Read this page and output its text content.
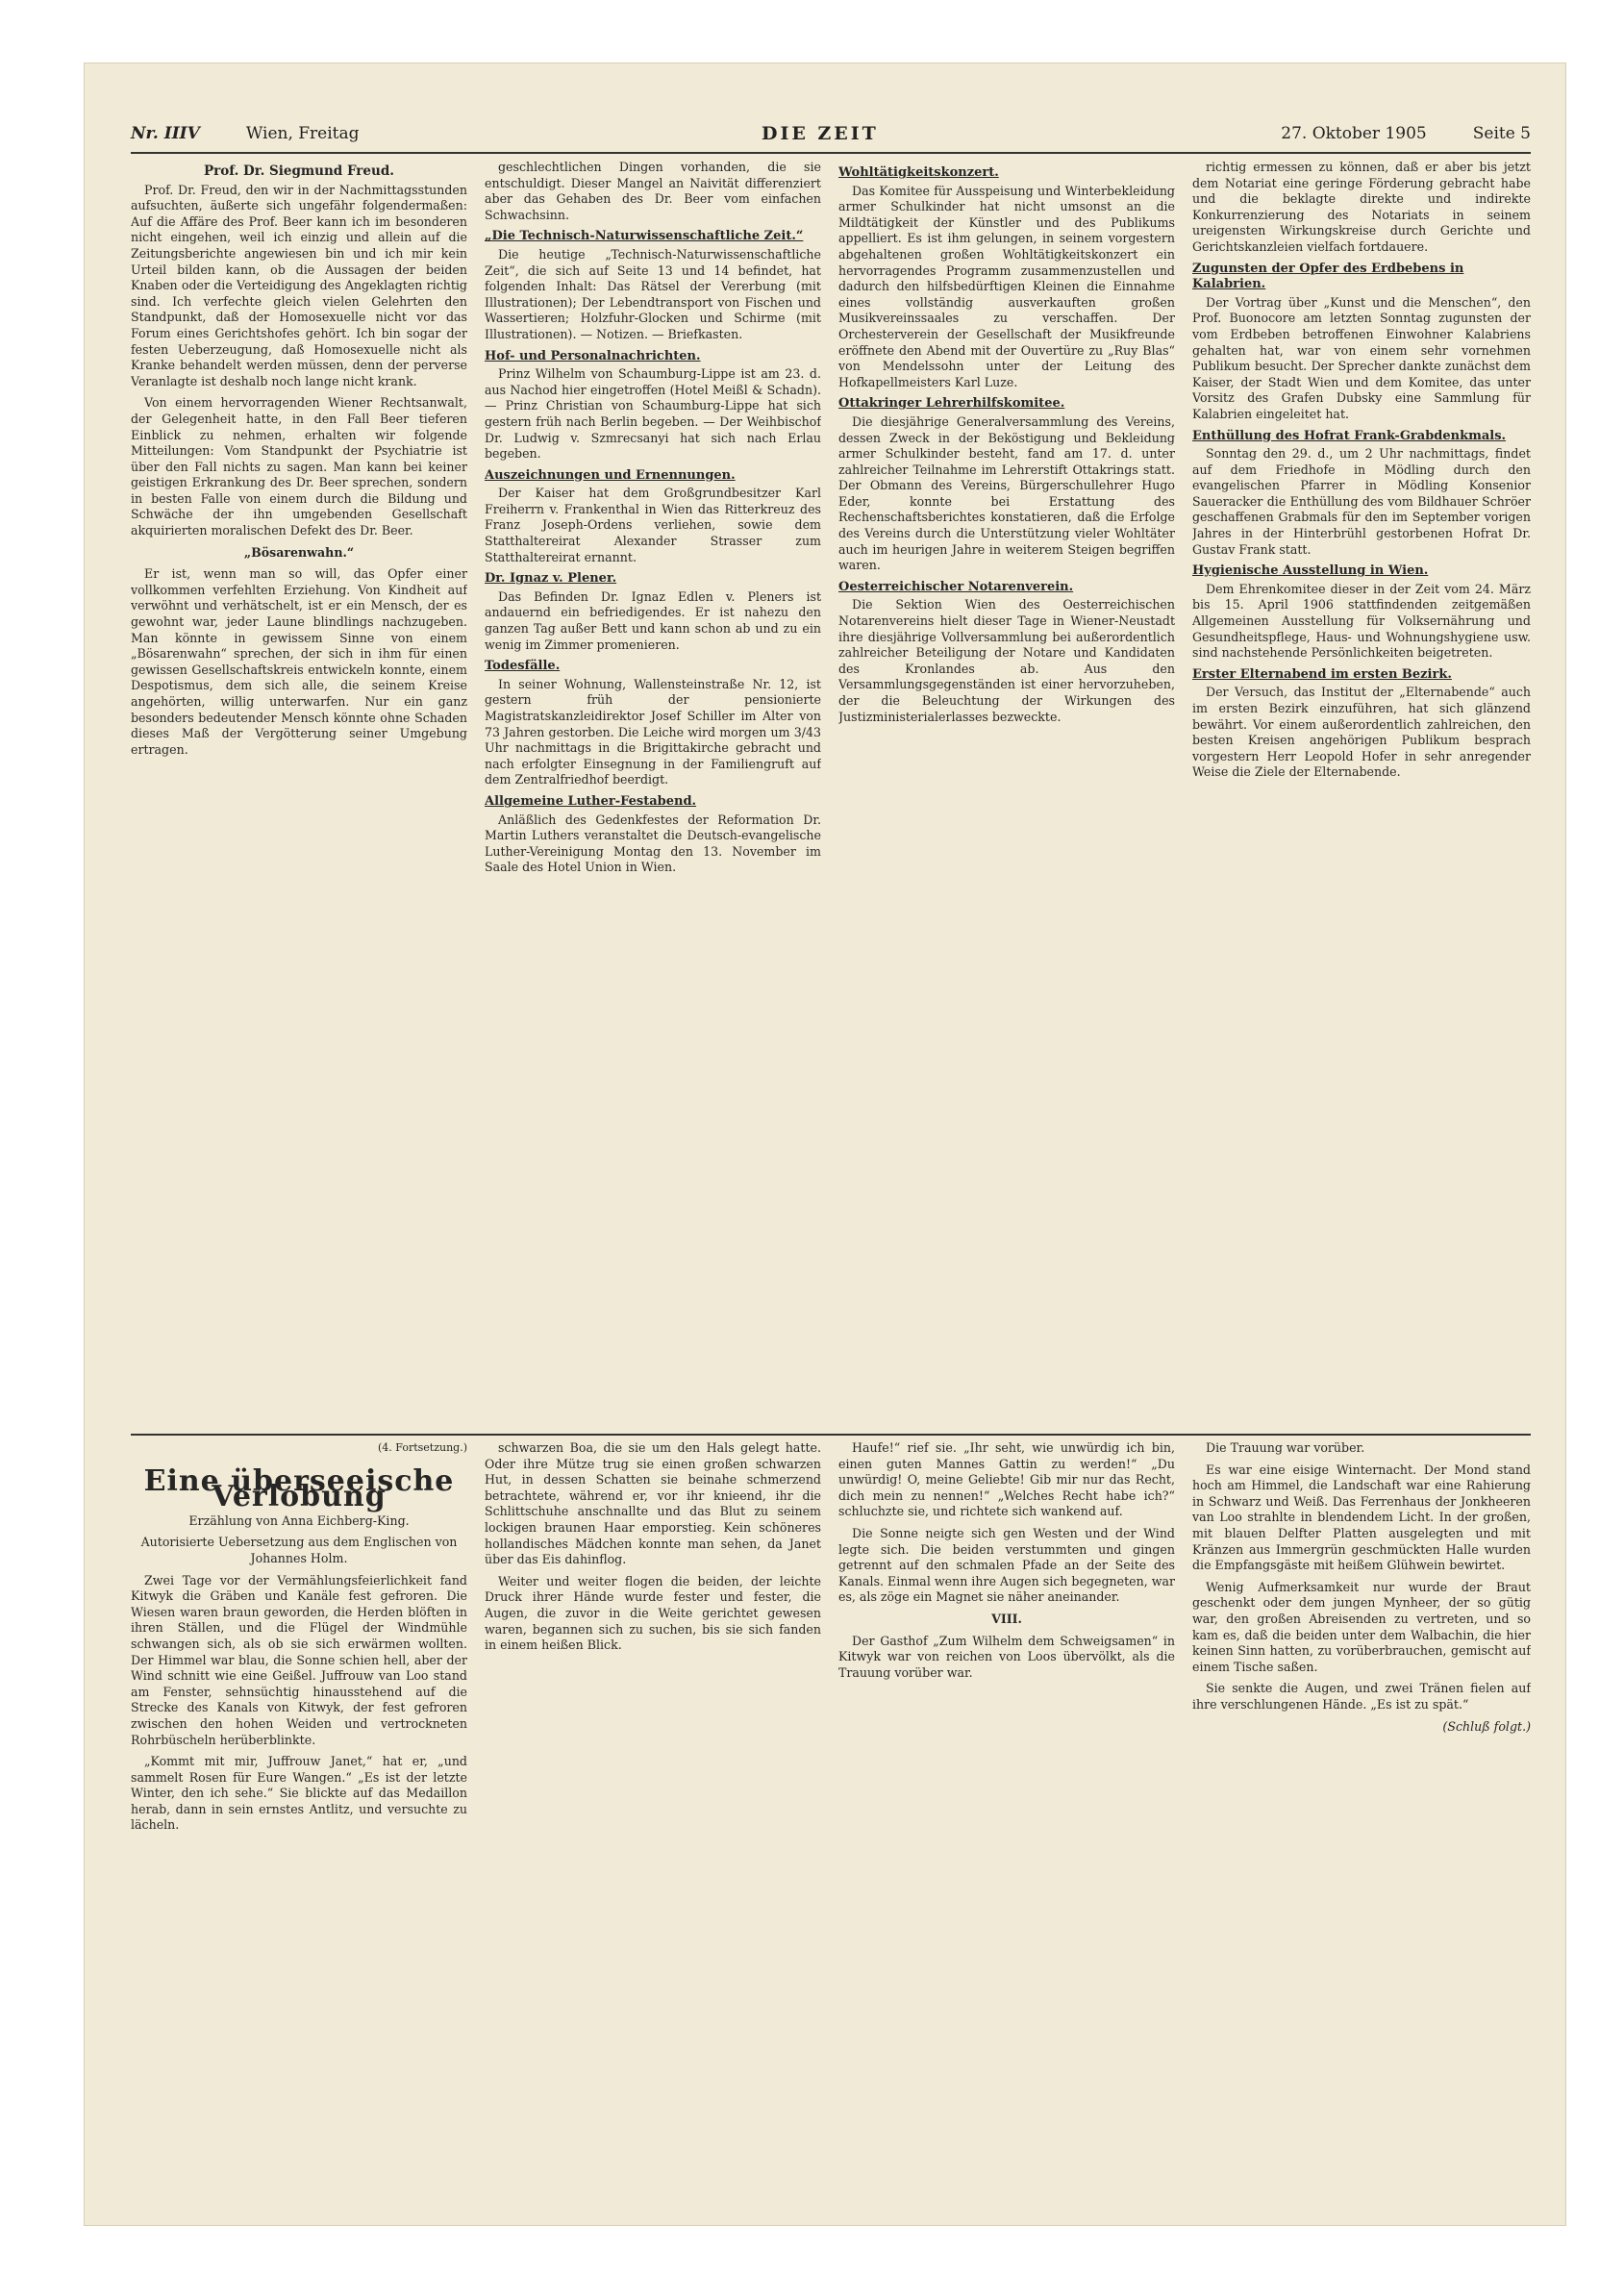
Nr. IIIV	Wien, Freitag	DIE ZEIT	27. Oktober 1905	Seite 5
Prof. Dr. Siegmund Freud.

Prof. Dr. Freud, den wir in der Nachmittagsstunden aufsuchten, äußerte sich ungefähr folgendermaßen: Auf die Affäre des Prof. Beer kann ich im besonderen nicht eingehen, weil ich einzig und allein auf die Zeitungsberichte angewiesen bin und ich mir kein Urteil bilden kann, ob die Aussagen der beiden Knaben oder die Verteidigung des Angeklagten richtig sind. Ich verfechte gleich vielen Gelehrten den Standpunkt, daß der Homosexuelle nicht vor das Forum eines Gerichtshofes gehört. Ich bin sogar der festen Ueberzeugung, daß Homosexuelle nicht als Kranke behandelt werden müssen, denn der perverse Veranlagte ist deshalb noch lange nicht krank.

Von einem hervorragenden Wiener Rechtsanwalt, der Gelegenheit hatte, in den Fall Beer tieferen Einblick zu nehmen, erhalten wir folgende Mitteilungen: Vom Standpunkt der Psychiatrie ist über den Fall nichts zu sagen. Man kann bei keiner geistigen Erkrankung des Dr. Beer sprechen, sondern in besten Falle von einem durch die Bildung und Schwäche der ihn umgebenden Gesellschaft akquirierten moralischen Defekt des Dr. Beer.

„Bösarenwahn.“

Er ist, wenn man so will, das Opfer einer vollkommen verfehlten Erziehung. Von Kindheit auf verwöhnt und verhätschelt, ist er ein Mensch, der es gewohnt war, jeder Laune blindlings nachzugeben. Man könnte in gewissem Sinne von einem „Bösarenwahn“ sprechen, der sich in ihm für einen gewissen Gesellschaftskreis entwickeln konnte, einem Despotismus, dem sich alle, die seinem Kreise angehörten, willig unterwarfen. Nur ein ganz besonders bedeutender Mensch könnte ohne Schaden dieses Maß der Vergötterung seiner Umgebung ertragen.

geschlechtlichen Dingen vorhanden, die sie entschuldigt. Dieser Mangel an Naivität differenziert aber das Gehaben des Dr. Beer vom einfachen Schwachsinn.

„Die Technisch-Naturwissenschaftliche Zeit.“

Die heutige „Technisch-Naturwissenschaftliche Zeit“, die sich auf Seite 13 und 14 befindet, hat folgenden Inhalt: Das Rätsel der Vererbung (mit Illustrationen); Der Lebendtransport von Fischen und Wassertieren; Holzfuhr-Glocken und Schirme (mit Illustrationen). — Notizen. — Briefkasten.

Hof- und Personalnachrichten.

Prinz Wilhelm von Schaumburg-Lippe ist am 23. d. aus Nachod hier eingetroffen (Hotel Meißl & Schadn). — Prinz Christian von Schaumburg-Lippe hat sich gestern früh nach Berlin begeben. — Der Weihbischof Dr. Ludwig v. Szmrecsanyi hat sich nach Erlau begeben.

Auszeichnungen und Ernennungen.

Der Kaiser hat dem Großgrundbesitzer Karl Freiherrn v. Frankenthal in Wien das Ritterkreuz des Franz Joseph-Ordens verliehen, sowie dem Statthaltereirat Alexander Strasser zum Statthaltereirat ernannt.

Dr. Ignaz v. Plener.

Das Befinden Dr. Ignaz Edlen v. Pleners ist andauernd ein befriedigendes. Er ist nahezu den ganzen Tag außer Bett und kann schon ab und zu ein wenig im Zimmer promenieren.

Todesfälle.

In seiner Wohnung, Wallensteinstraße Nr. 12, ist gestern früh der pensionierte Magistratskanzleidirektor Josef Schiller im Alter von 73 Jahren gestorben. Die Leiche wird morgen um 3/43 Uhr nachmittags in die Brigittakirche gebracht und nach erfolgter Einsegnung in der Familiengruft auf dem Zentralfriedhof beerdigt.

Allgemeine Luther-Festabend.

Anläßlich des Gedenkfestes der Reformation Dr. Martin Luthers veranstaltet die Deutsch-evangelische Luther-Vereinigung Montag den 13. November im Saale des Hotel Union in Wien.

Wohltätigkeitskonzert.

Das Komitee für Ausspeisung und Winterbekleidung armer Schulkinder hat nicht umsonst an die Mildtätigkeit der Künstler und des Publikums appelliert. Es ist ihm gelungen, in seinem vorgestern abgehaltenen großen Wohltätigkeitskonzert ein hervorragendes Programm zusammenzustellen und dadurch den hilfsbedürftigen Kleinen die Einnahme eines vollständig ausverkauften großen Musikvereinssaales zu verschaffen. Der Orchesterverein der Gesellschaft der Musikfreunde eröffnete den Abend mit der Ouvertüre zu „Ruy Blas“ von Mendelssohn unter der Leitung des Hofkapellmeisters Karl Luze.

Ottakringer Lehrerhilfskomitee.

Die diesjährige Generalversammlung des Vereins, dessen Zweck in der Beköstigung und Bekleidung armer Schulkinder besteht, fand am 17. d. unter zahlreicher Teilnahme im Lehrerstift Ottakrings statt. Der Obmann des Vereins, Bürgerschullehrer Hugo Eder, konnte bei Erstattung des Rechenschaftsberichtes konstatieren, daß die Erfolge des Vereins durch die Unterstützung vieler Wohltäter auch im heurigen Jahre in weiterem Steigen begriffen waren.

Oesterreichischer Notarenverein.

Die Sektion Wien des Oesterreichischen Notarenvereins hielt dieser Tage in Wiener-Neustadt ihre diesjährige Vollversammlung bei außerordentlich zahlreicher Beteiligung der Notare und Kandidaten des Kronlandes ab. Aus den Versammlungsgegenständen ist einer hervorzuheben, der die Beleuchtung der Wirkungen des Justizministerialerlasses bezweckte.

richtig ermessen zu können, daß er aber bis jetzt dem Notariat eine geringe Förderung gebracht habe und die beklagte direkte und indirekte Konkurrenzierung des Notariats in seinem ureigensten Wirkungskreise durch Gerichte und Gerichtskanzleien vielfach fortdauere.

Zugunsten der Opfer des Erdbebens in Kalabrien.

Der Vortrag über „Kunst und die Menschen“, den Prof. Buonocore am letzten Sonntag zugunsten der vom Erdbeben betroffenen Einwohner Kalabriens gehalten hat, war von einem sehr vornehmen Publikum besucht. Der Sprecher dankte zunächst dem Kaiser, der Stadt Wien und dem Komitee, das unter Vorsitz des Grafen Dubsky eine Sammlung für Kalabrien eingeleitet hat.

Enthüllung des Hofrat Frank-Grabdenkmals.

Sonntag den 29. d., um 2 Uhr nachmittags, findet auf dem Friedhofe in Mödling durch den evangelischen Pfarrer in Mödling Konsenior Saueracker die Enthüllung des vom Bildhauer Schröer geschaffenen Grabmals für den im September vorigen Jahres in der Hinterbrühl gestorbenen Hofrat Dr. Gustav Frank statt.

Hygienische Ausstellung in Wien.

Dem Ehrenkomitee dieser in der Zeit vom 24. März bis 15. April 1906 stattfindenden zeitgemäßen Allgemeinen Ausstellung für Volksernährung und Gesundheitspflege, Haus- und Wohnungshygiene usw. sind nachstehende Persönlichkeiten beigetreten.

Erster Elternabend im ersten Bezirk.

Der Versuch, das Institut der „Elternabende“ auch im ersten Bezirk einzuführen, hat sich glänzend bewährt. Vor einem außerordentlich zahlreichen, den besten Kreisen angehörigen Publikum besprach vorgestern Herr Leopold Hofer in sehr anregender Weise die Ziele der Elternabende.

(4. Fortsetzung.)
Eine überseeische Verlobung

Erzählung von Anna Eichberg-King.

Autorisierte Uebersetzung aus dem Englischen von Johannes Holm.

Zwei Tage vor der Vermählungsfeierlichkeit fand Kitwyk die Gräben und Kanäle fest gefroren. Die Wiesen waren braun geworden, die Herden blöften in ihren Ställen, und die Flügel der Windmühle schwangen sich, als ob sie sich erwärmen wollten. Der Himmel war blau, die Sonne schien hell, aber der Wind schnitt wie eine Geißel. Juffrouw van Loo stand am Fenster, sehnsüchtig hinausstehend auf die Strecke des Kanals von Kitwyk, der fest gefroren zwischen den hohen Weiden und vertrockneten Rohrbüscheln herüberblinkte.

„Kommt mit mir, Juffrouw Janet,“ hat er, „und sammelt Rosen für Eure Wangen.“ „Es ist der letzte Winter, den ich sehe.“ Sie blickte auf das Medaillon herab, dann in sein ernstes Antlitz, und versuchte zu lächeln.

schwarzen Boa, die sie um den Hals gelegt hatte. Oder ihre Mütze trug sie einen großen schwarzen Hut, in dessen Schatten sie beinahe schmerzend betrachtete, während er, vor ihr knieend, ihr die Schlittschuhe anschnallte und das Blut zu seinem lockigen braunen Haar emporstieg. Kein schöneres hollandisches Mädchen konnte man sehen, da Janet über das Eis dahinflog.

Weiter und weiter flogen die beiden, der leichte Druck ihrer Hände wurde fester und fester, die Augen, die zuvor in die Weite gerichtet gewesen waren, begannen sich zu suchen, bis sie sich fanden in einem heißen Blick.

Haufe!“ rief sie. „Ihr seht, wie unwürdig ich bin, einen guten Mannes Gattin zu werden!“ „Du unwürdig! O, meine Geliebte! Gib mir nur das Recht, dich mein zu nennen!“ „Welches Recht habe ich?“ schluchzte sie, und richtete sich wankend auf.

Die Sonne neigte sich gen Westen und der Wind legte sich. Die beiden verstummten und gingen getrennt auf den schmalen Pfade an der Seite des Kanals. Einmal wenn ihre Augen sich begegneten, war es, als zöge ein Magnet sie näher aneinander.

VIII.

Der Gasthof „Zum Wilhelm dem Schweigsamen“ in Kitwyk war von reichen von Loos übervölkt, als die Trauung vorüber war.

Die Trauung war vorüber.

Es war eine eisige Winternacht. Der Mond stand hoch am Himmel, die Landschaft war eine Rahierung in Schwarz und Weiß. Das Ferrenhaus der Jonkheeren van Loo strahlte in blendendem Licht. In der großen, mit blauen Delfter Platten ausgelegten und mit Kränzen aus Immergrün geschmückten Halle wurden die Empfangsgäste mit heißem Glühwein bewirtet.

Wenig Aufmerksamkeit nur wurde der Braut geschenkt oder dem jungen Mynheer, der so gütig war, den großen Abreisenden zu vertreten, und so kam es, daß die beiden unter dem Walbachin, die hier keinen Sinn hatten, zu vorüberbrauchen, gemischt auf einem Tische saßen.

Sie senkte die Augen, und zwei Tränen fielen auf ihre verschlungenen Hände. „Es ist zu spät.“

(Schluß folgt.)
